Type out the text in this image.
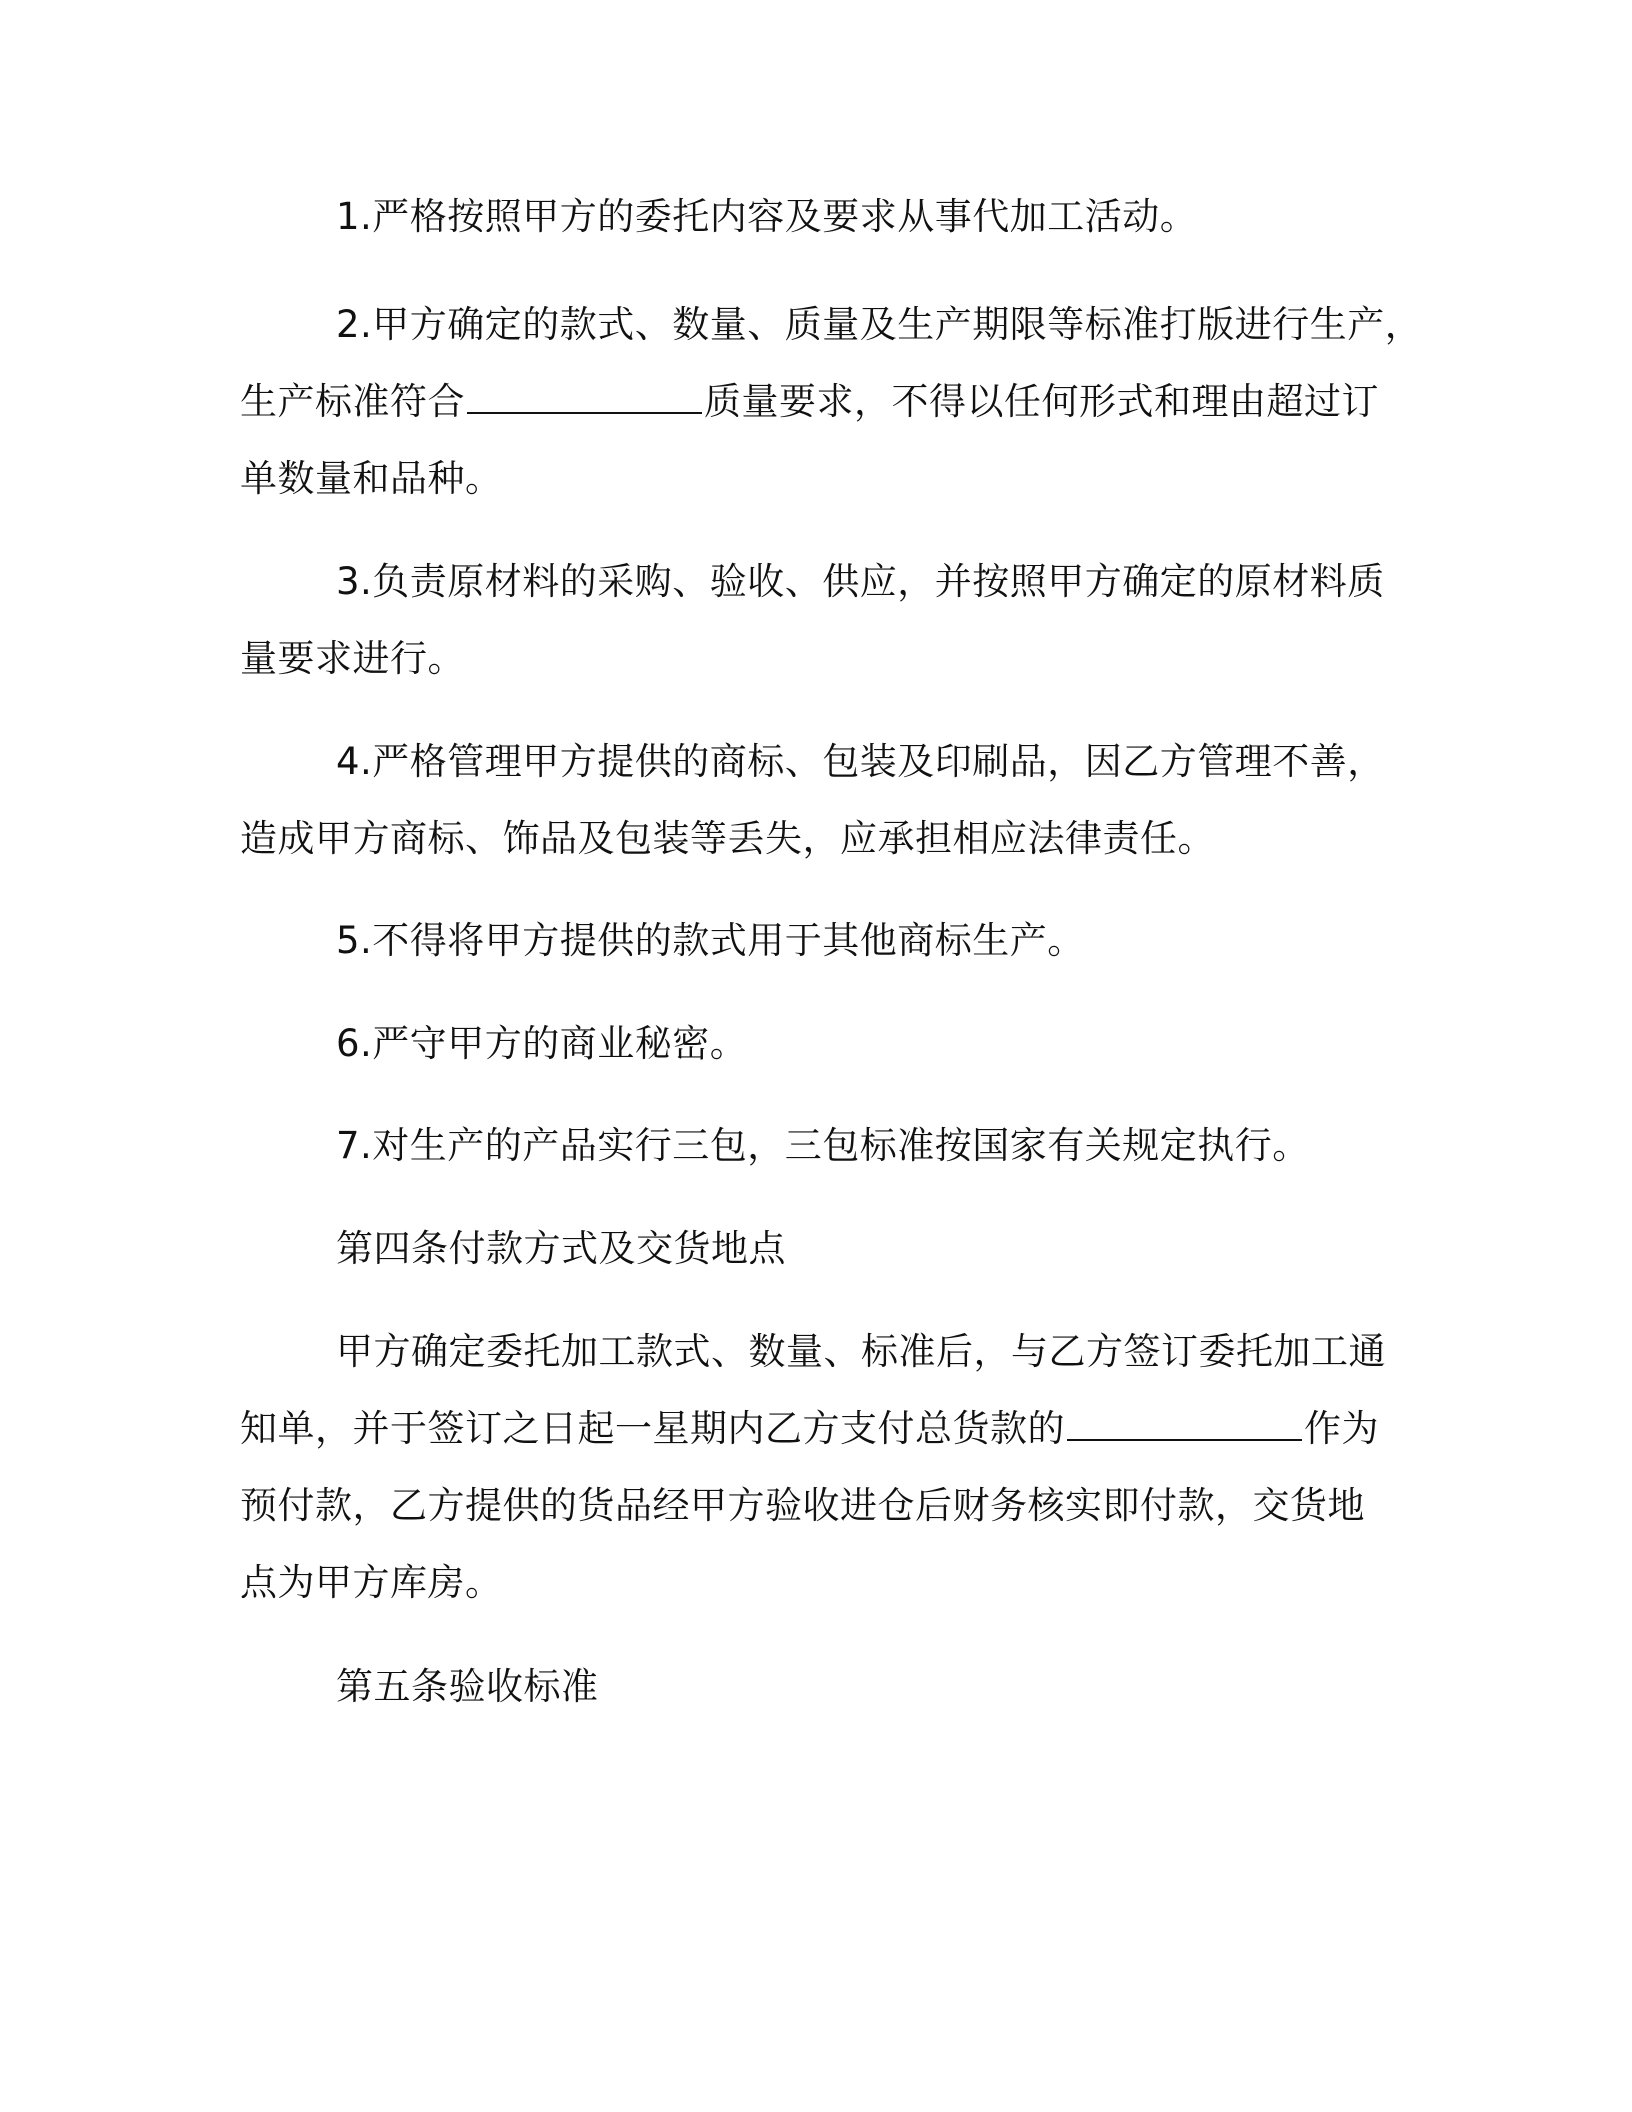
1.严格按照甲方的委托内容及要求从事代加工活动。

2.甲方确定的款式、数量、质量及生产期限等标准打版进行生产，
生产标准符合	质量要求，不得以任何形式和理由超过订
单数量和品种。

3.负责原材料的采购、验收、供应，并按照甲方确定的原材料质
量要求进行。

4.严格管理甲方提供的商标、包装及印刷品，因乙方管理不善，
造成甲方商标、饰品及包装等丢失，应承担相应法律责任。

5.不得将甲方提供的款式用于其他商标生产。

6.严守甲方的商业秘密。

7.对生产的产品实行三包，三包标准按国家有关规定执行。

第四条付款方式及交货地点

甲方确定委托加工款式、数量、标准后，与乙方签订委托加工通
知单，并于签订之日起一星期内乙方支付总货款的	作为
预付款，乙方提供的货品经甲方验收进仓后财务核实即付款，交货地
点为甲方库房。

第五条验收标准
